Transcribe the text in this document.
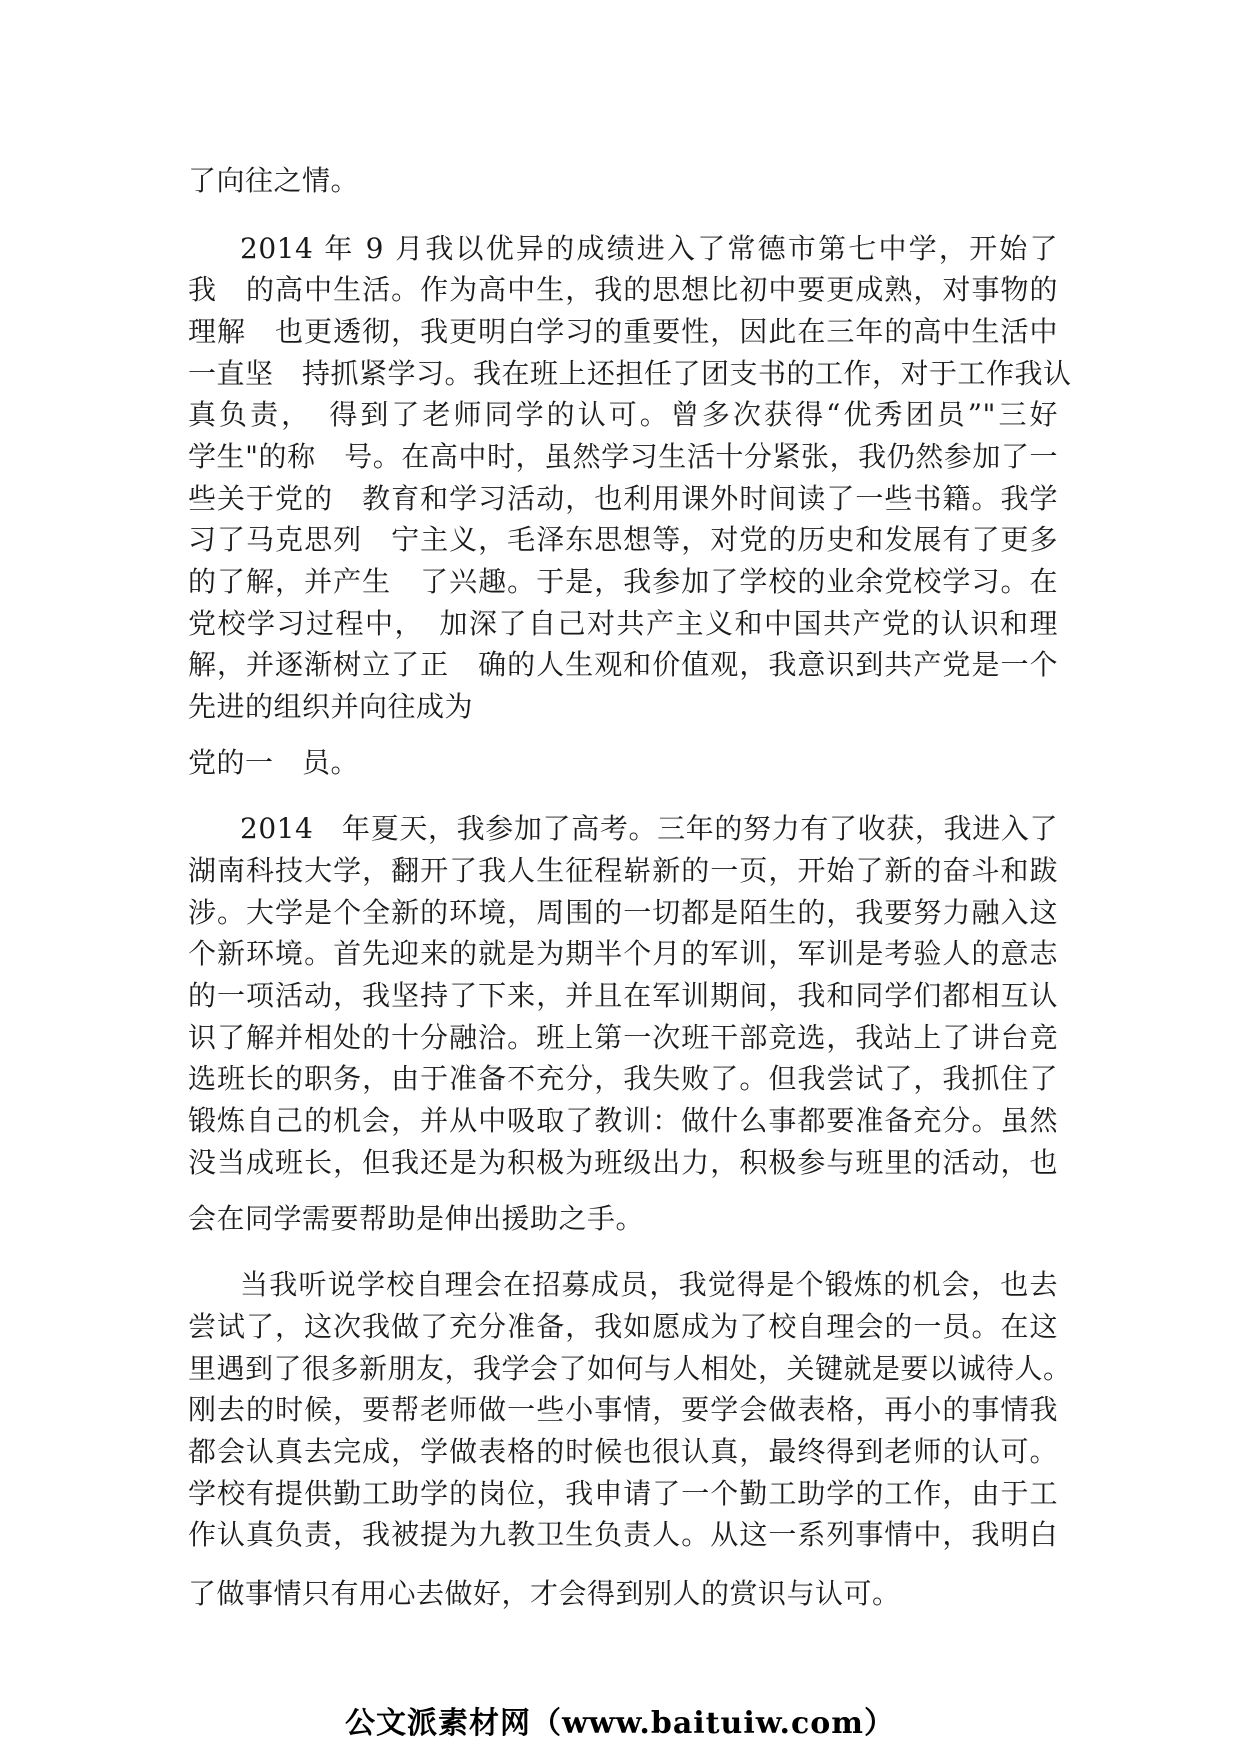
了向往之情。

2014 年 9 月我以优异的成绩进入了常德市第七中学，开始了

我　的高中生活。作为高中生，我的思想比初中要更成熟，对事物的

理解　也更透彻，我更明白学习的重要性，因此在三年的高中生活中

一直坚　持抓紧学习。我在班上还担任了团支书的工作，对于工作我认

真负责，　得到了老师同学的认可。曾多次获得“优秀团员”"三好

学生"的称　号。在高中时，虽然学习生活十分紧张，我仍然参加了一

些关于党的　教育和学习活动，也利用课外时间读了一些书籍。我学

习了马克思列　宁主义，毛泽东思想等，对党的历史和发展有了更多

的了解，并产生　了兴趣。于是，我参加了学校的业余党校学习。在

党校学习过程中，　加深了自己对共产主义和中国共产党的认识和理

解，并逐渐树立了正　确的人生观和价值观，我意识到共产党是一个

先进的组织并向往成为

党的一　员。

2014　年夏天，我参加了高考。三年的努力有了收获，我进入了

湖南科技大学，翻开了我人生征程崭新的一页，开始了新的奋斗和跋

涉。大学是个全新的环境，周围的一切都是陌生的，我要努力融入这

个新环境。首先迎来的就是为期半个月的军训，军训是考验人的意志

的一项活动，我坚持了下来，并且在军训期间，我和同学们都相互认

识了解并相处的十分融洽。班上第一次班干部竞选，我站上了讲台竞

选班长的职务，由于准备不充分，我失败了。但我尝试了，我抓住了

锻炼自己的机会，并从中吸取了教训：做什么事都要准备充分。虽然

没当成班长，但我还是为积极为班级出力，积极参与班里的活动，也

会在同学需要帮助是伸出援助之手。

当我听说学校自理会在招募成员，我觉得是个锻炼的机会，也去

尝试了，这次我做了充分准备，我如愿成为了校自理会的一员。在这

里遇到了很多新朋友，我学会了如何与人相处，关键就是要以诚待人。

刚去的时候，要帮老师做一些小事情，要学会做表格，再小的事情我

都会认真去完成，学做表格的时候也很认真，最终得到老师的认可。

学校有提供勤工助学的岗位，我申请了一个勤工助学的工作，由于工

作认真负责，我被提为九教卫生负责人。从这一系列事情中，我明白

了做事情只有用心去做好，才会得到别人的赏识与认可。

公文派素材网（www.baituiw.com）
